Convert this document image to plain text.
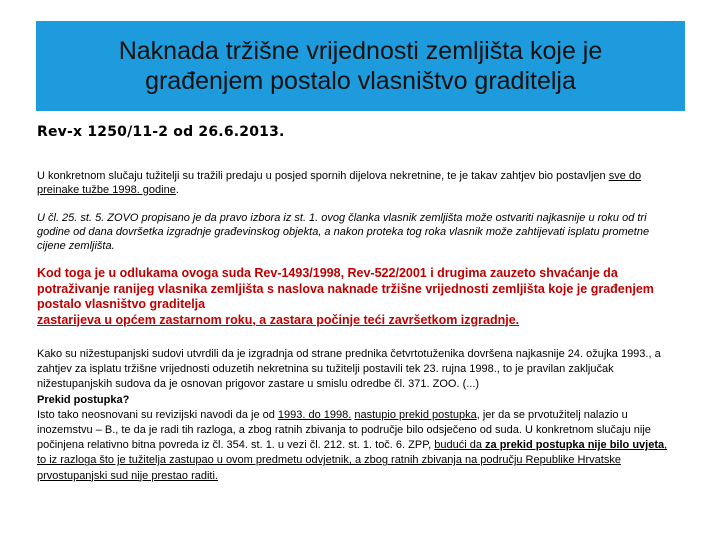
Naknada tržišne vrijednosti zemljišta koje je
građenjem postalo vlasništvo graditelja
Rev-x 1250/11-2 od 26.6.2013.
U konkretnom slučaju tužitelji su tražili predaju u posjed spornih dijelova nekretnine, te je takav zahtjev bio postavljen sve do preinake tužbe 1998. godine.
U čl. 25. st. 5. ZOVO propisano je da pravo izbora iz st. 1. ovog članka vlasnik zemljišta može ostvariti najkasnije u roku od tri godine od dana dovršetka izgradnje građevinskog objekta, a nakon proteka tog roka vlasnik može zahtijevati isplatu prometne cijene zemljišta.
Kod toga je u odlukama ovoga suda Rev-1493/1998, Rev-522/2001 i drugima zauzeto shvaćanje da potraživanje ranijeg vlasnika zemljišta s naslova naknade tržišne vrijednosti zemljišta koje je građenjem postalo vlasništvo graditelja
zastarijeva u općem zastarnom roku, a zastara počinje teći završetkom izgradnje.
Kako su nižestupanjski sudovi utvrdili da je izgradnja od strane prednika četvrtotuženika dovršena najkasnije 24. ožujka 1993., a zahtjev za isplatu tržišne vrijednosti oduzetih nekretnina su tužitelji postavili tek 23. rujna 1998., to je pravilan zaključak nižestupanjskih sudova da je osnovan prigovor zastare u smislu odredbe čl. 371. ZOO. (...)
Prekid postupka?
Isto tako neosnovani su revizijski navodi da je od 1993. do 1998. nastupio prekid postupka, jer da se prvotužitelj nalazio u inozemstvu – B., te da je radi tih razloga, a zbog ratnih zbivanja to područje bilo odsječeno od suda. U konkretnom slučaju nije počinjena relativno bitna povreda iz čl. 354. st. 1. u vezi čl. 212. st. 1. toč. 6. ZPP, budući da za prekid postupka nije bilo uvjeta, to iz razloga što je tužitelja zastupao u ovom predmetu odvjetnik, a zbog ratnih zbivanja na području Republike Hrvatske prvostupanjski sud nije prestao raditi.
